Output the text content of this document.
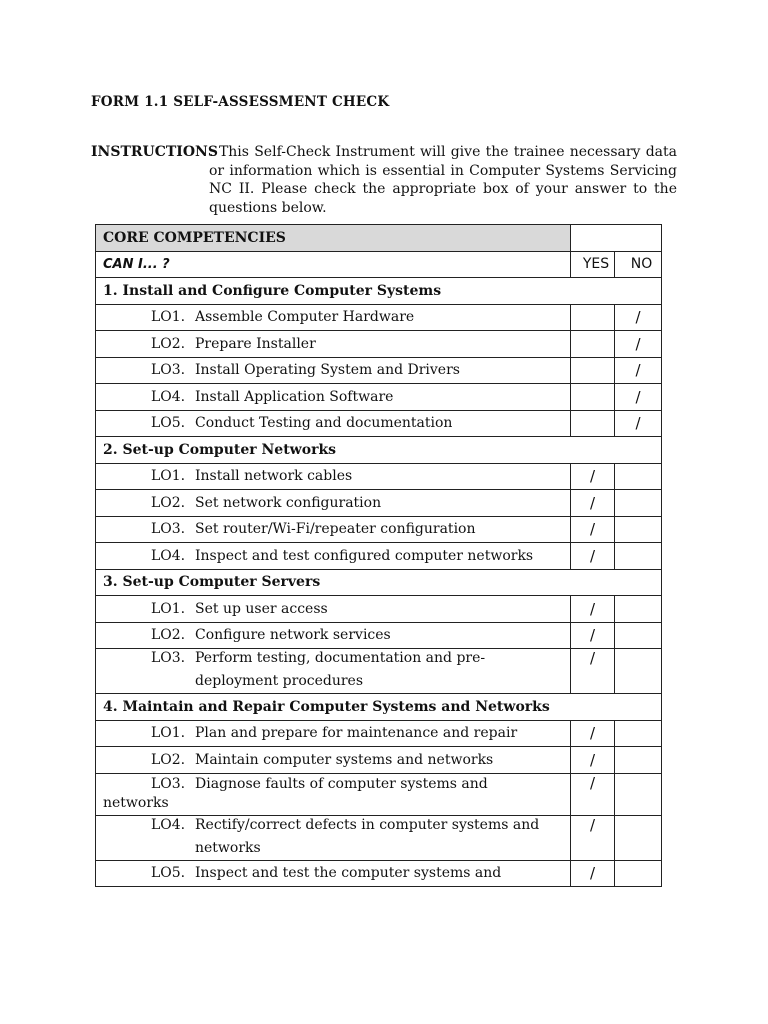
FORM 1.1 SELF-ASSESSMENT CHECK
INSTRUCTIONS
: This Self-Check Instrument will give the trainee necessary data or information which is essential in Computer Systems Servicing NC II. Please check the appropriate box of your answer to the questions below.
CORE COMPETENCIES		
CAN I... ?	YES	NO
1. Install and Configure Computer Systems		

LO1. Assemble Computer Hardware		/

LO2. Prepare Installer		/

LO3. Install Operating System and Drivers		/

LO4. Install Application Software		/

LO5. Conduct Testing and documentation		/
2. Set-up Computer Networks		

LO1. Install network cables	/	

LO2. Set network configuration	/	

LO3. Set router/Wi-Fi/repeater configuration	/	

LO4. Inspect and test configured computer networks	/	
3. Set-up Computer Servers		

LO1. Set up user access	/	

LO2. Configure network services	/	

LO3. Perform testing, documentation and pre-
deployment procedures	/	
4. Maintain and Repair Computer Systems and Networks		

LO1. Plan and prepare for maintenance and repair	/	

LO2. Maintain computer systems and networks	/	

LO3. Diagnose faults of computer systems and
networks	/	

LO4. Rectify/correct defects in computer systems and
networks	/	

LO5. Inspect and test the computer systems and	/	
